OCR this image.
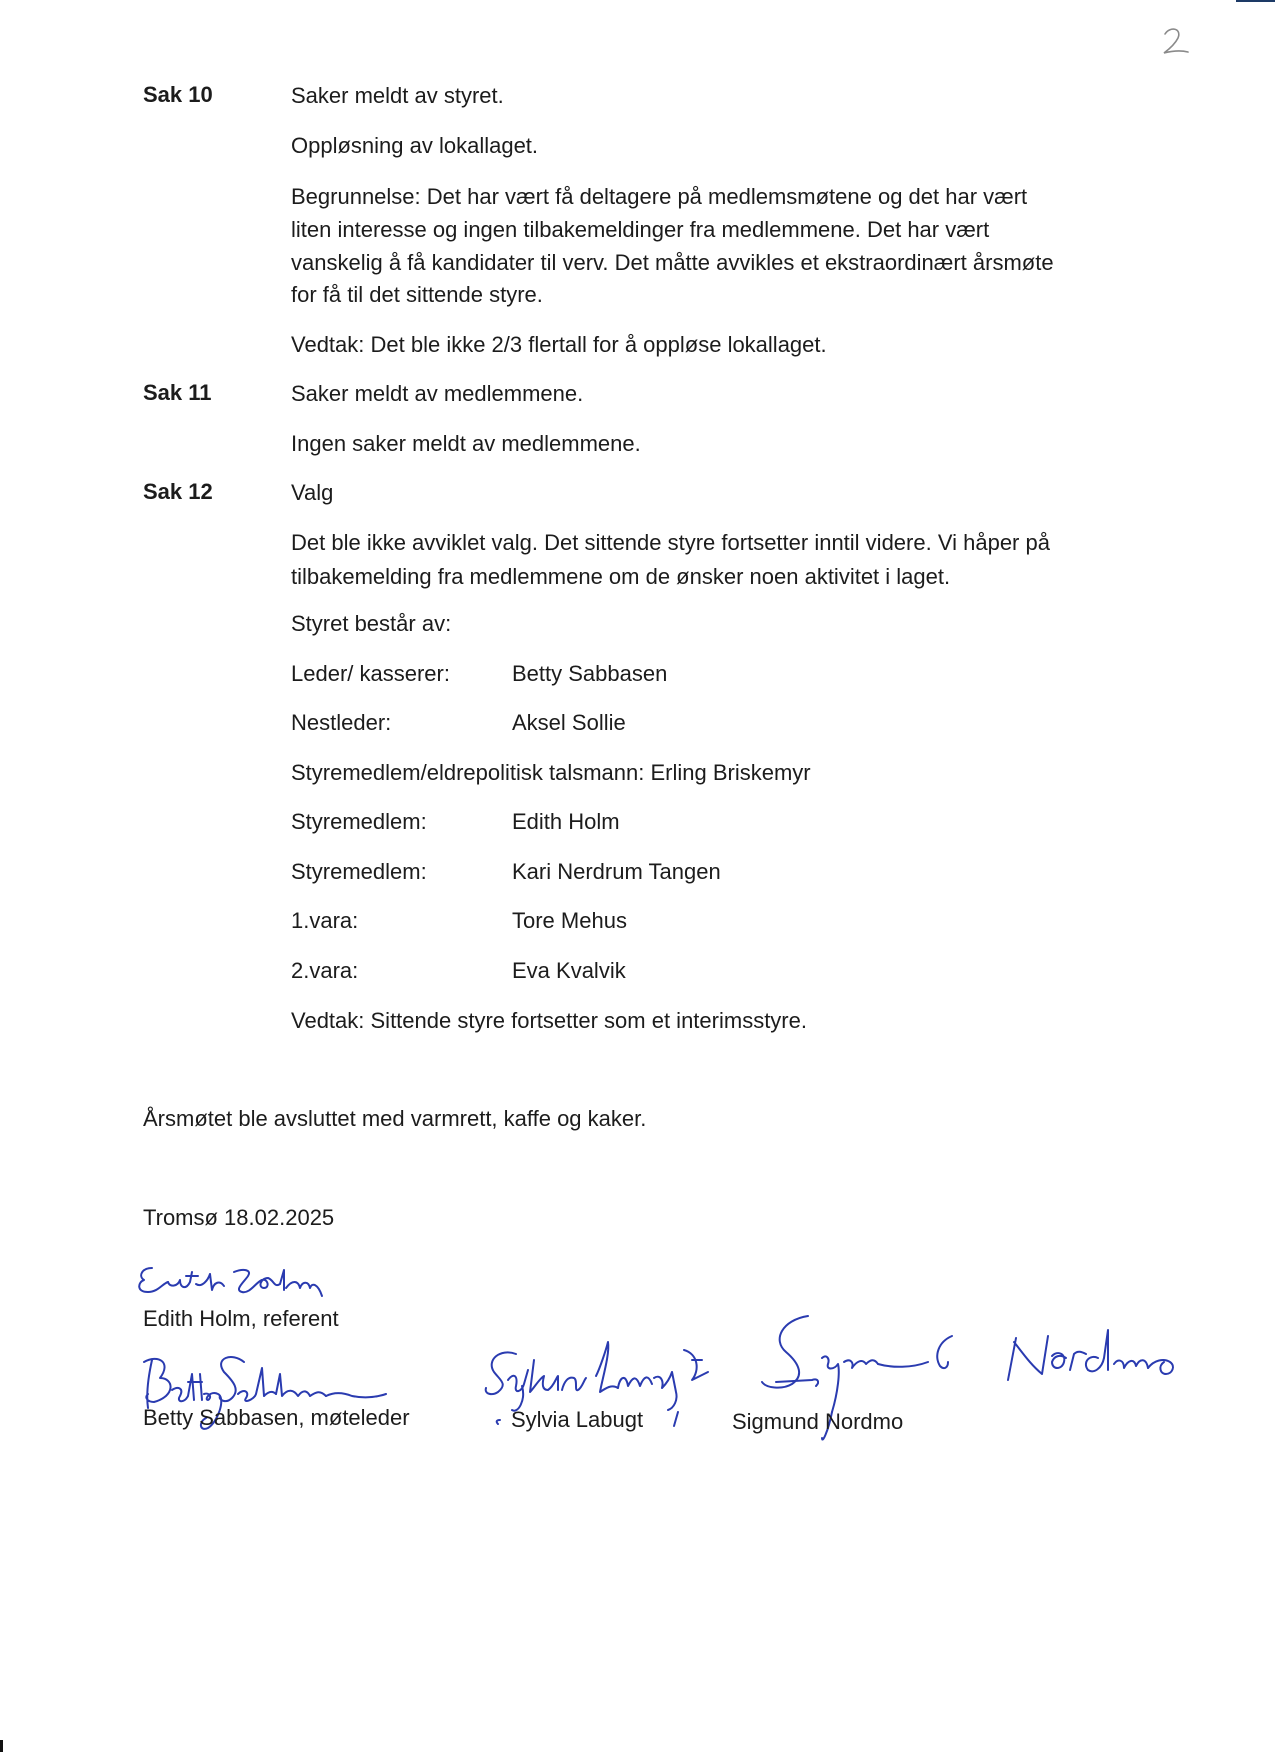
2
Sak 10	Saker meldt av styret.
Oppløsning av lokallaget.
Begrunnelse: Det har vært få deltagere på medlemsmøtene og det har vært
liten interesse og ingen tilbakemeldinger fra medlemmene. Det har vært
vanskelig å få kandidater til verv. Det måtte avvikles et ekstraordinært årsmøte
for få til det sittende styre.
Vedtak: Det ble ikke 2/3 flertall for å oppløse lokallaget.
Sak 11	Saker meldt av medlemmene.
Ingen saker meldt av medlemmene.
Sak 12	Valg
Det ble ikke avviklet valg. Det sittende styre fortsetter inntil videre. Vi håper på
tilbakemelding fra medlemmene om de ønsker noen aktivitet i laget.
Styret består av:
Leder/ kasserer:	Betty Sabbasen
Nestleder:	Aksel Sollie
Styremedlem/eldrepolitisk talsmann: Erling Briskemyr
Styremedlem:	Edith Holm
Styremedlem:	Kari Nerdrum Tangen
1.vara:	Tore Mehus
2.vara:	Eva Kvalvik
Vedtak: Sittende styre fortsetter som et interimsstyre.
Årsmøtet ble avsluttet med varmrett, kaffe og kaker.
Tromsø 18.02.2025
Edith Holm, referent
Betty Sabbasen, møteleder	Sylvia Labugt	Sigmund Nordmo
